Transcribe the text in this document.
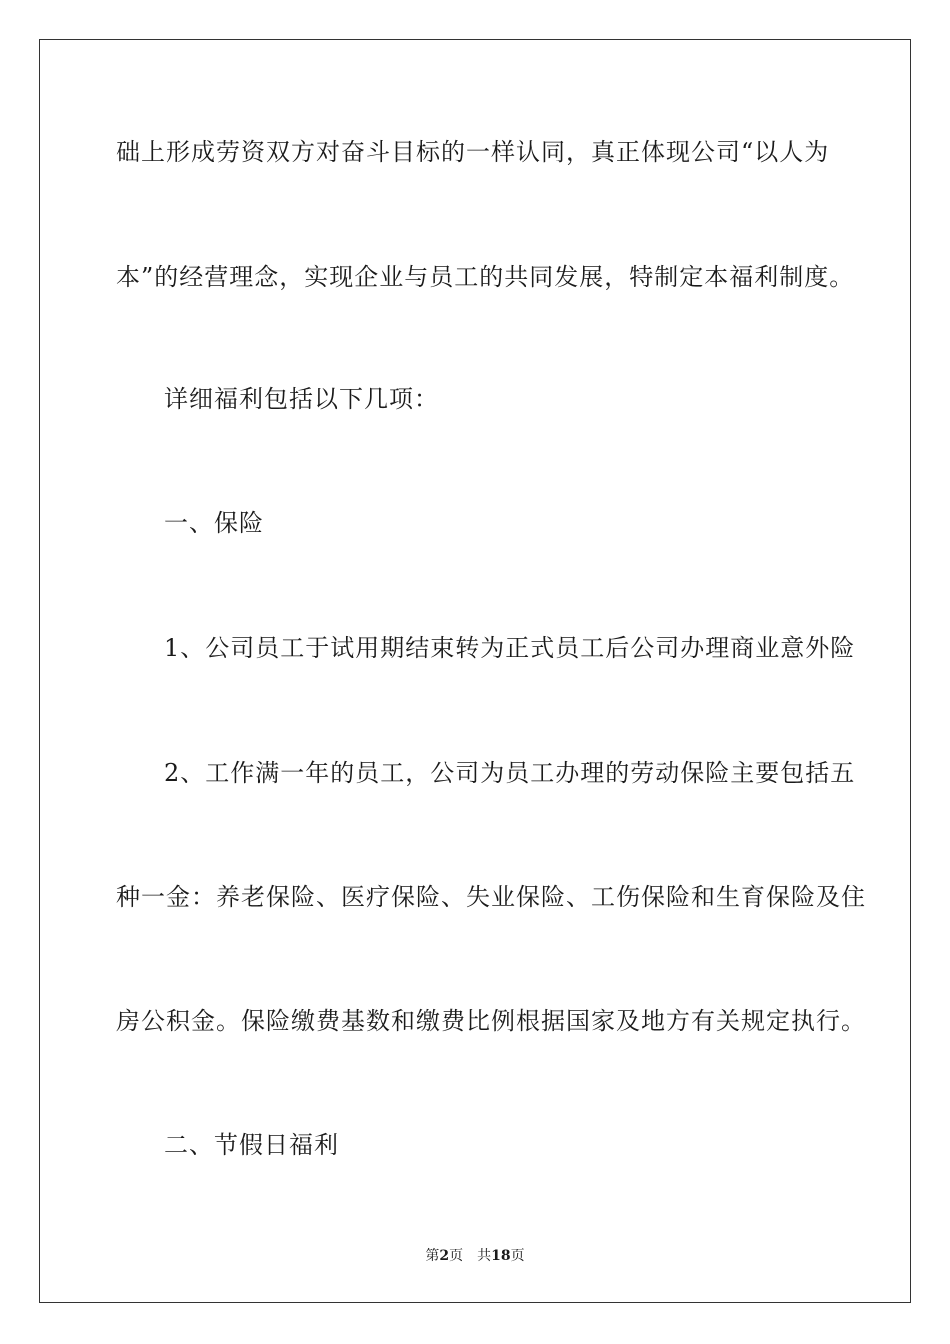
础上形成劳资双方对奋斗目标的一样认同，真正体现公司“以人为
本”的经营理念，实现企业与员工的共同发展，特制定本福利制度。
详细福利包括以下几项：
一、保险
1、公司员工于试用期结束转为正式员工后公司办理商业意外险
2、工作满一年的员工，公司为员工办理的劳动保险主要包括五
种一金：养老保险、医疗保险、失业保险、工伤保险和生育保险及住
房公积金。保险缴费基数和缴费比例根据国家及地方有关规定执行。
二、节假日福利
第2页 共18页
